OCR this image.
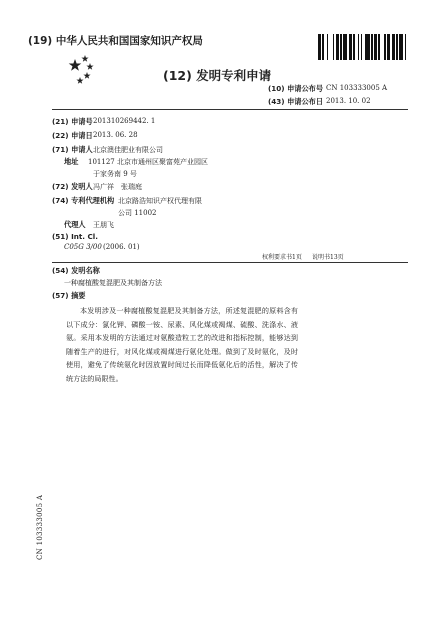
(19) 中华人民共和国国家知识产权局
(12) 发明专利申请
(10) 申请公布号 CN 103333005 A
(43) 申请公布日 2013. 10. 02
(21) 申请号 201310269442. 1
(22) 申请日 2013. 06. 28
(71) 申请人 北京澳佳肥业有限公司
地址 101127 北京市通州区聚富苑产业园区
于家务南 9 号
(72) 发明人 冯广祥　张瑞庭
(74) 专利代理机构 北京路浩知识产权代理有限
公司 11002
代理人 王朋飞
(51) Int. Cl.
C05G 3/00 (2006. 01)
权利要求书1页 说明书13页
(54) 发明名称
一种腐植酸复混肥及其制备方法
(57) 摘要
本发明涉及一种腐植酸复混肥及其制备方法，所述复混肥的原料含有以下成分：氯化钾、磷酸一铵、尿素、风化煤或褐煤、硫酸、洗涤水、液氨。采用本发明的方法通过对氨酸造粒工艺的改进和指标控制，能够达到随着生产的进行，对风化煤或褐煤进行氨化处理。做到了及时氨化，及时使用，避免了传统氨化时因放置时间过长而降低氨化后的活性，解决了传统方法的局限性。
CN 103333005 A
